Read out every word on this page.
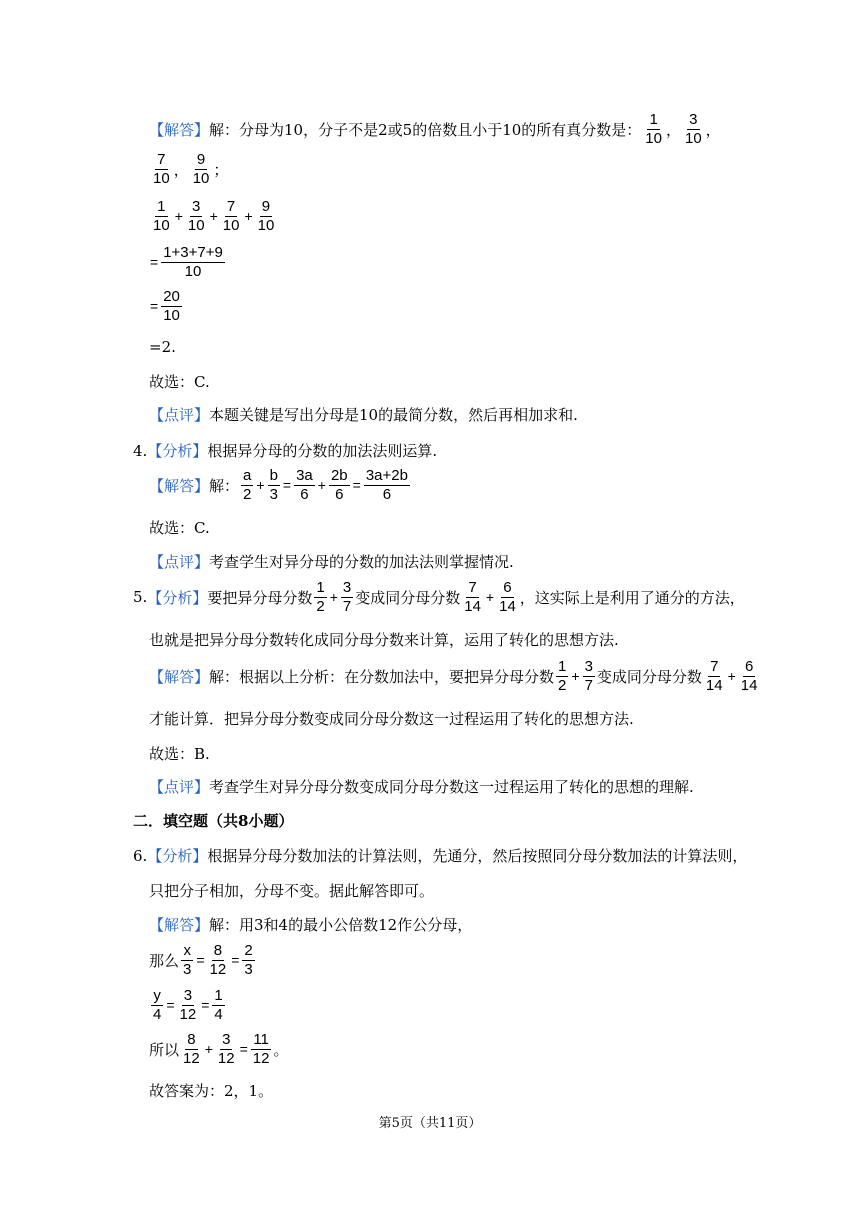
【解答】 解：分母为10，分子不是2或5的倍数且小于10的所有真分数是： $\frac{1}{10}$ ， $\frac{3}{10}$ ，
$\frac{7}{10}$ ， $\frac{9}{10}$ ；
$\frac{1}{10} + \frac{3}{10} + \frac{7}{10} + \frac{9}{10}$
= $\frac{1+3+7+9}{10}$
= $\frac{20}{10}$
=2.
故选：C.
【点评】 本题关键是写出分母是10的最简分数，然后再相加求和.
4. 【分析】 根据异分母的分数的加法法则运算.
【解答】 解： $\frac{a}{2} + \frac{b}{3} = \frac{3a}{6} + \frac{2b}{6} = \frac{3a+2b}{6}$
故选：C.
【点评】 考查学生对异分母的分数的加法法则掌握情况.
5. 【分析】 要把异分母分数 $\frac{1}{2} + \frac{3}{7}$ 变成同分母分数 $\frac{7}{14} + \frac{6}{14}$ ，这实际上是利用了通分的方法，
也就是把异分母分数转化成同分母分数来计算，运用了转化的思想方法.
【解答】 解：根据以上分析：在分数加法中，要把异分母分数 $\frac{1}{2} + \frac{3}{7}$ 变成同分母分数 $\frac{7}{14} + \frac{6}{14}$
才能计算．把异分母分数变成同分母分数这一过程运用了转化的思想方法.
故选：B.
【点评】 考查学生对异分母分数变成同分母分数这一过程运用了转化的思想的理解.
二．填空题（共8小题）
6. 【分析】 根据异分母分数加法的计算法则，先通分，然后按照同分母分数加法的计算法则，
只把分子相加，分母不变。据此解答即可。
【解答】 解：用3和4的最小公倍数12作公分母，
那么 $\frac{x}{3} = \frac{8}{12} = \frac{2}{3}$
$\frac{y}{4} = \frac{3}{12} = \frac{1}{4}$
所以 $\frac{8}{12} + \frac{3}{12} = \frac{11}{12}$ 。
故答案为：2，1。
第5页（共11页）
